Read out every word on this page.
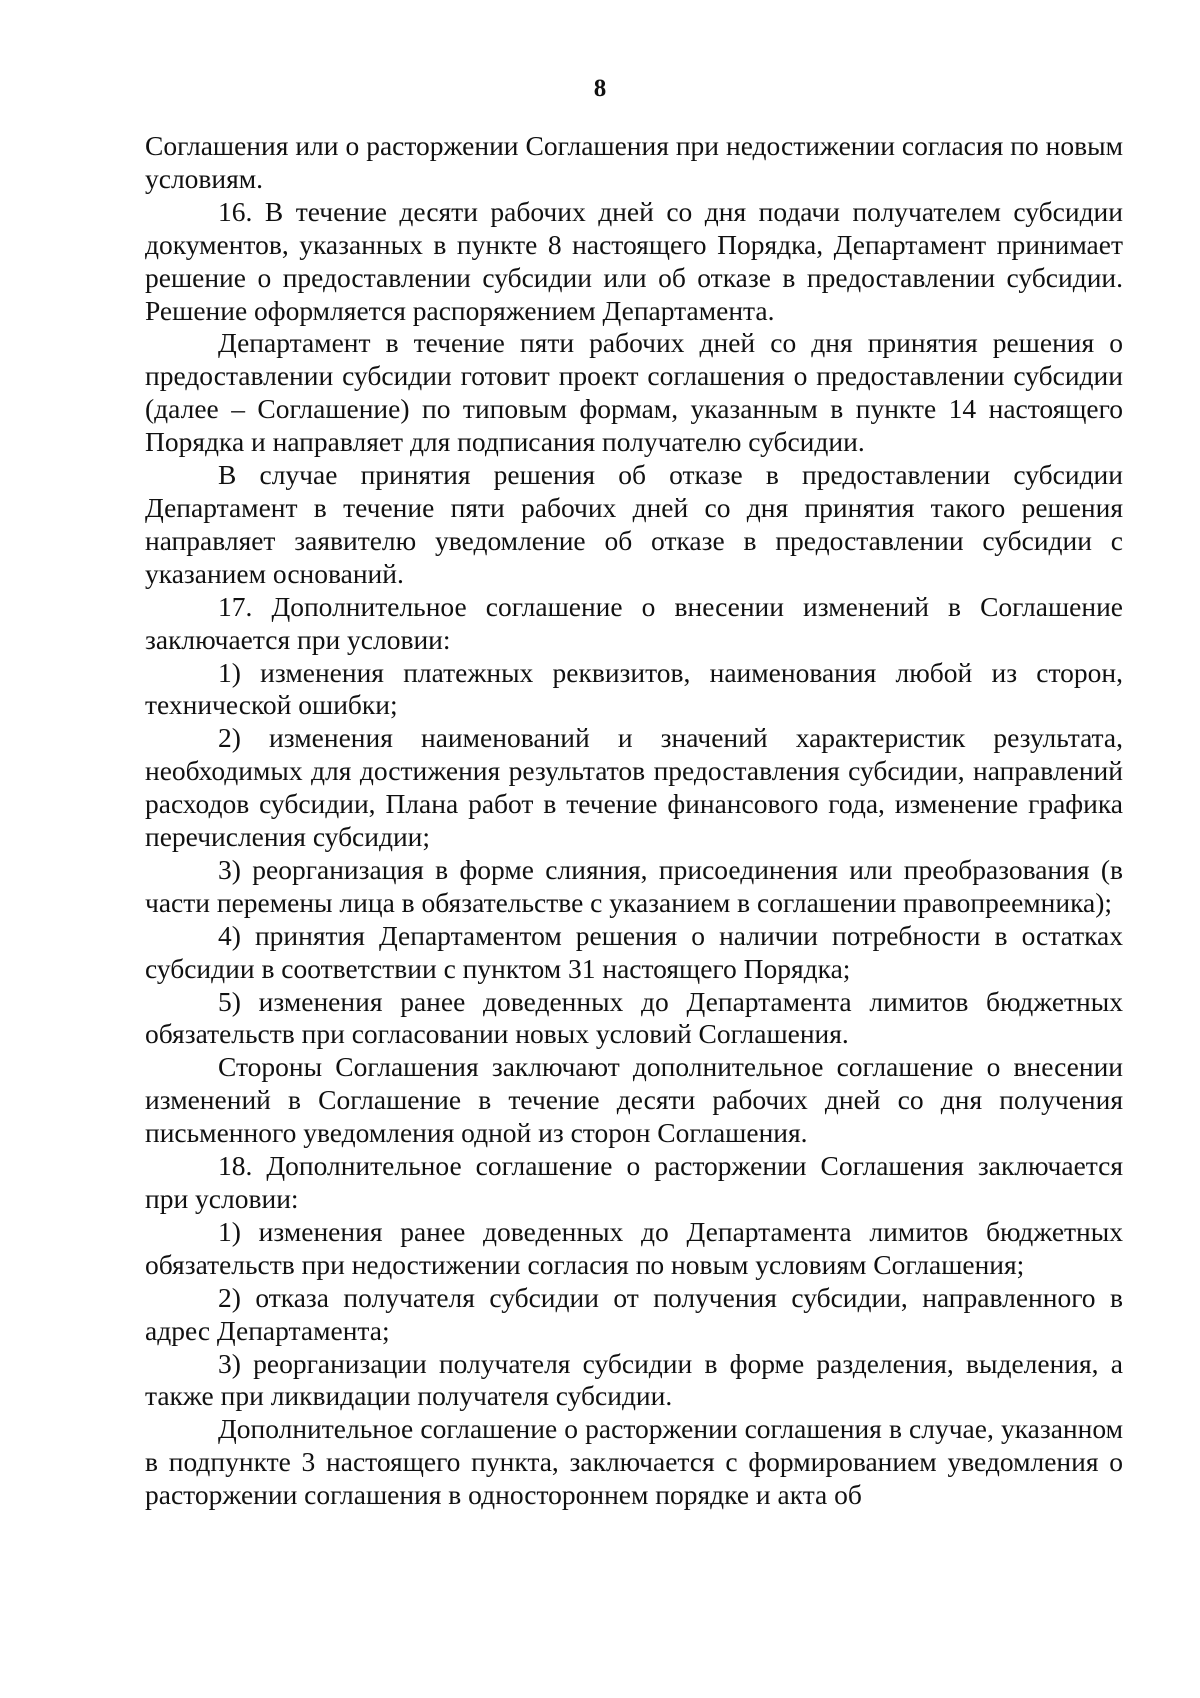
8

Соглашения или о расторжении Соглашения при недостижении согласия по новым условиям.

16. В течение десяти рабочих дней со дня подачи получателем субсидии документов, указанных в пункте 8 настоящего Порядка, Департамент принимает решение о предоставлении субсидии или об отказе в предоставлении субсидии. Решение оформляется распоряжением Департамента.

Департамент в течение пяти рабочих дней со дня принятия решения о предоставлении субсидии готовит проект соглашения о предоставлении субсидии (далее – Соглашение) по типовым формам, указанным в пункте 14 настоящего Порядка и направляет для подписания получателю субсидии.

В случае принятия решения об отказе в предоставлении субсидии Департамент в течение пяти рабочих дней со дня принятия такого решения направляет заявителю уведомление об отказе в предоставлении субсидии с указанием оснований.

17. Дополнительное соглашение о внесении изменений в Соглашение заключается при условии:

1) изменения платежных реквизитов, наименования любой из сторон, технической ошибки;

2) изменения наименований и значений характеристик результата, необходимых для достижения результатов предоставления субсидии, направлений расходов субсидии, Плана работ в течение финансового года, изменение графика перечисления субсидии;

3) реорганизация в форме слияния, присоединения или преобразования (в части перемены лица в обязательстве с указанием в соглашении правопреемника);

4) принятия Департаментом решения о наличии потребности в остатках субсидии в соответствии с пунктом 31 настоящего Порядка;

5) изменения ранее доведенных до Департамента лимитов бюджетных обязательств при согласовании новых условий Соглашения.

Стороны Соглашения заключают дополнительное соглашение о внесении изменений в Соглашение в течение десяти рабочих дней со дня получения письменного уведомления одной из сторон Соглашения.

18. Дополнительное соглашение о расторжении Соглашения заключается при условии:

1) изменения ранее доведенных до Департамента лимитов бюджетных обязательств при недостижении согласия по новым условиям Соглашения;

2) отказа получателя субсидии от получения субсидии, направленного в адрес Департамента;

3) реорганизации получателя субсидии в форме разделения, выделения, а также при ликвидации получателя субсидии.

Дополнительное соглашение о расторжении соглашения в случае, указанном в подпункте 3 настоящего пункта, заключается с формированием уведомления о расторжении соглашения в одностороннем порядке и акта об
